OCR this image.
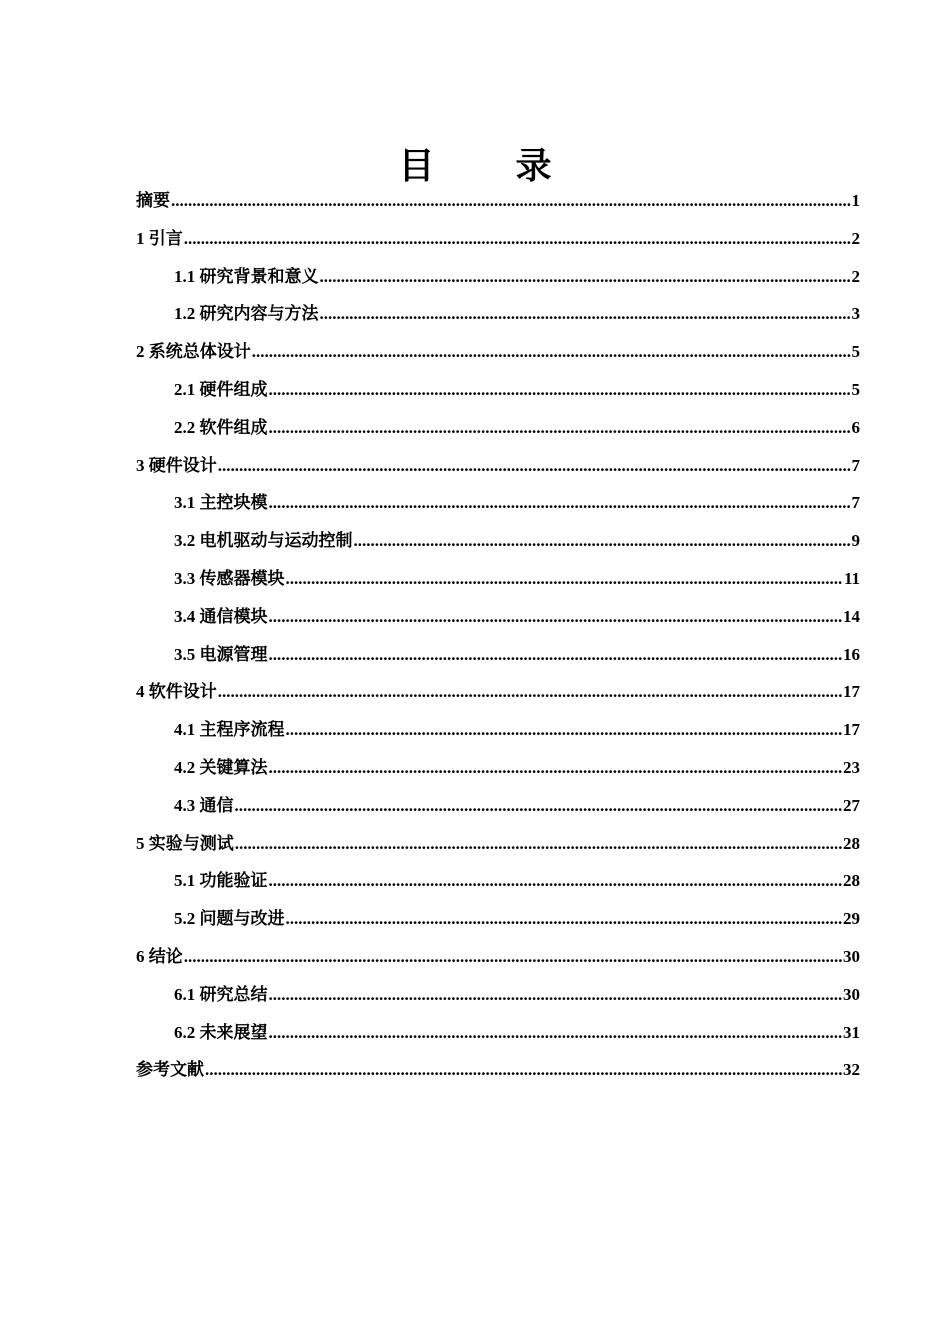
目 录
摘要 .....	1
1 引言 .....	2
1.1 研究背景和意义 .....	2
1.2 研究内容与方法 .....	3
2 系统总体设计 .....	5
2.1 硬件组成 .....	5
2.2 软件组成 .....	6
3 硬件设计 .....	7
3.1 主控块模 .....	7
3.2 电机驱动与运动控制 .....	9
3.3 传感器模块 .....	11
3.4 通信模块 .....	14
3.5 电源管理 .....	16
4 软件设计 .....	17
4.1 主程序流程 .....	17
4.2 关键算法 .....	23
4.3 通信 .....	27
5 实验与测试 .....	28
5.1 功能验证 .....	28
5.2 问题与改进 .....	29
6 结论 .....	30
6.1 研究总结 .....	30
6.2 未来展望 .....	31
参考文献 .....	32
